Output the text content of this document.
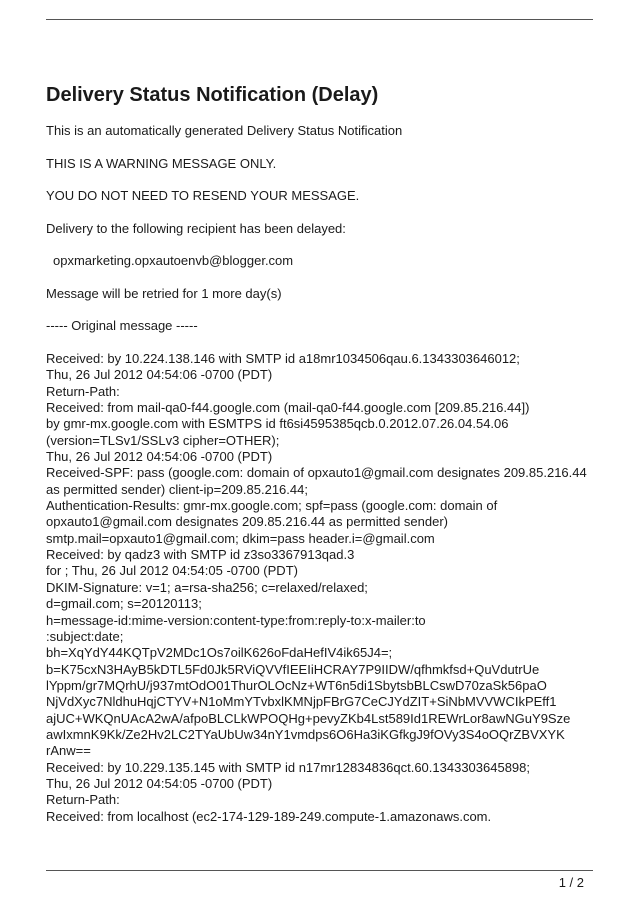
Delivery Status Notification (Delay)

This is an automatically generated Delivery Status Notification

THIS IS A WARNING MESSAGE ONLY.

YOU DO NOT NEED TO RESEND YOUR MESSAGE.

Delivery to the following recipient has been delayed:

opxmarketing.opxautoenvb@blogger.com

Message will be retried for 1 more day(s)

----- Original message -----

Received: by 10.224.138.146 with SMTP id a18mr1034506qau.6.1343303646012;
Thu, 26 Jul 2012 04:54:06 -0700 (PDT)
Return-Path:
Received: from mail-qa0-f44.google.com (mail-qa0-f44.google.com [209.85.216.44])
by gmr-mx.google.com with ESMTPS id ft6si4595385qcb.0.2012.07.26.04.54.06
(version=TLSv1/SSLv3 cipher=OTHER);
Thu, 26 Jul 2012 04:54:06 -0700 (PDT)
Received-SPF: pass (google.com: domain of opxauto1@gmail.com designates 209.85.216.44
as permitted sender) client-ip=209.85.216.44;
Authentication-Results: gmr-mx.google.com; spf=pass (google.com: domain of
opxauto1@gmail.com designates 209.85.216.44 as permitted sender)
smtp.mail=opxauto1@gmail.com; dkim=pass header.i=@gmail.com
Received: by qadz3 with SMTP id z3so3367913qad.3
for ; Thu, 26 Jul 2012 04:54:05 -0700 (PDT)
DKIM-Signature: v=1; a=rsa-sha256; c=relaxed/relaxed;
d=gmail.com; s=20120113;
h=message-id:mime-version:content-type:from:reply-to:x-mailer:to
:subject:date;
bh=XqYdY44KQTpV2MDc1Os7oilK626oFdaHefIV4ik65J4=;
b=K75cxN3HAyB5kDTL5Fd0Jk5RViQVVfIEEIiHCRAY7P9IIDW/qfhmkfsd+QuVdutrUe
lYppm/gr7MQrhU/j937mtOdO01ThurOLOcNz+WT6n5di1SbytsbBLCswD70zaSk56paO
NjVdXyc7NldhuHqjCTYV+N1oMmYTvbxlKMNjpFBrG7CeCJYdZIT+SiNbMVVWCIkPEff1
ajUC+WKQnUAcA2wA/afpoBLCLkWPOQHg+pevyZKb4Lst589Id1REWrLor8awNGuY9Sze
awIxmnK9Kk/Ze2Hv2LC2TYaUbUw34nY1vmdps6O6Ha3iKGfkgJ9fOVy3S4oOQrZBVXYK
rAnw==
Received: by 10.229.135.145 with SMTP id n17mr12834836qct.60.1343303645898;
Thu, 26 Jul 2012 04:54:05 -0700 (PDT)
Return-Path:
Received: from localhost (ec2-174-129-189-249.compute-1.amazonaws.com.
1 / 2
